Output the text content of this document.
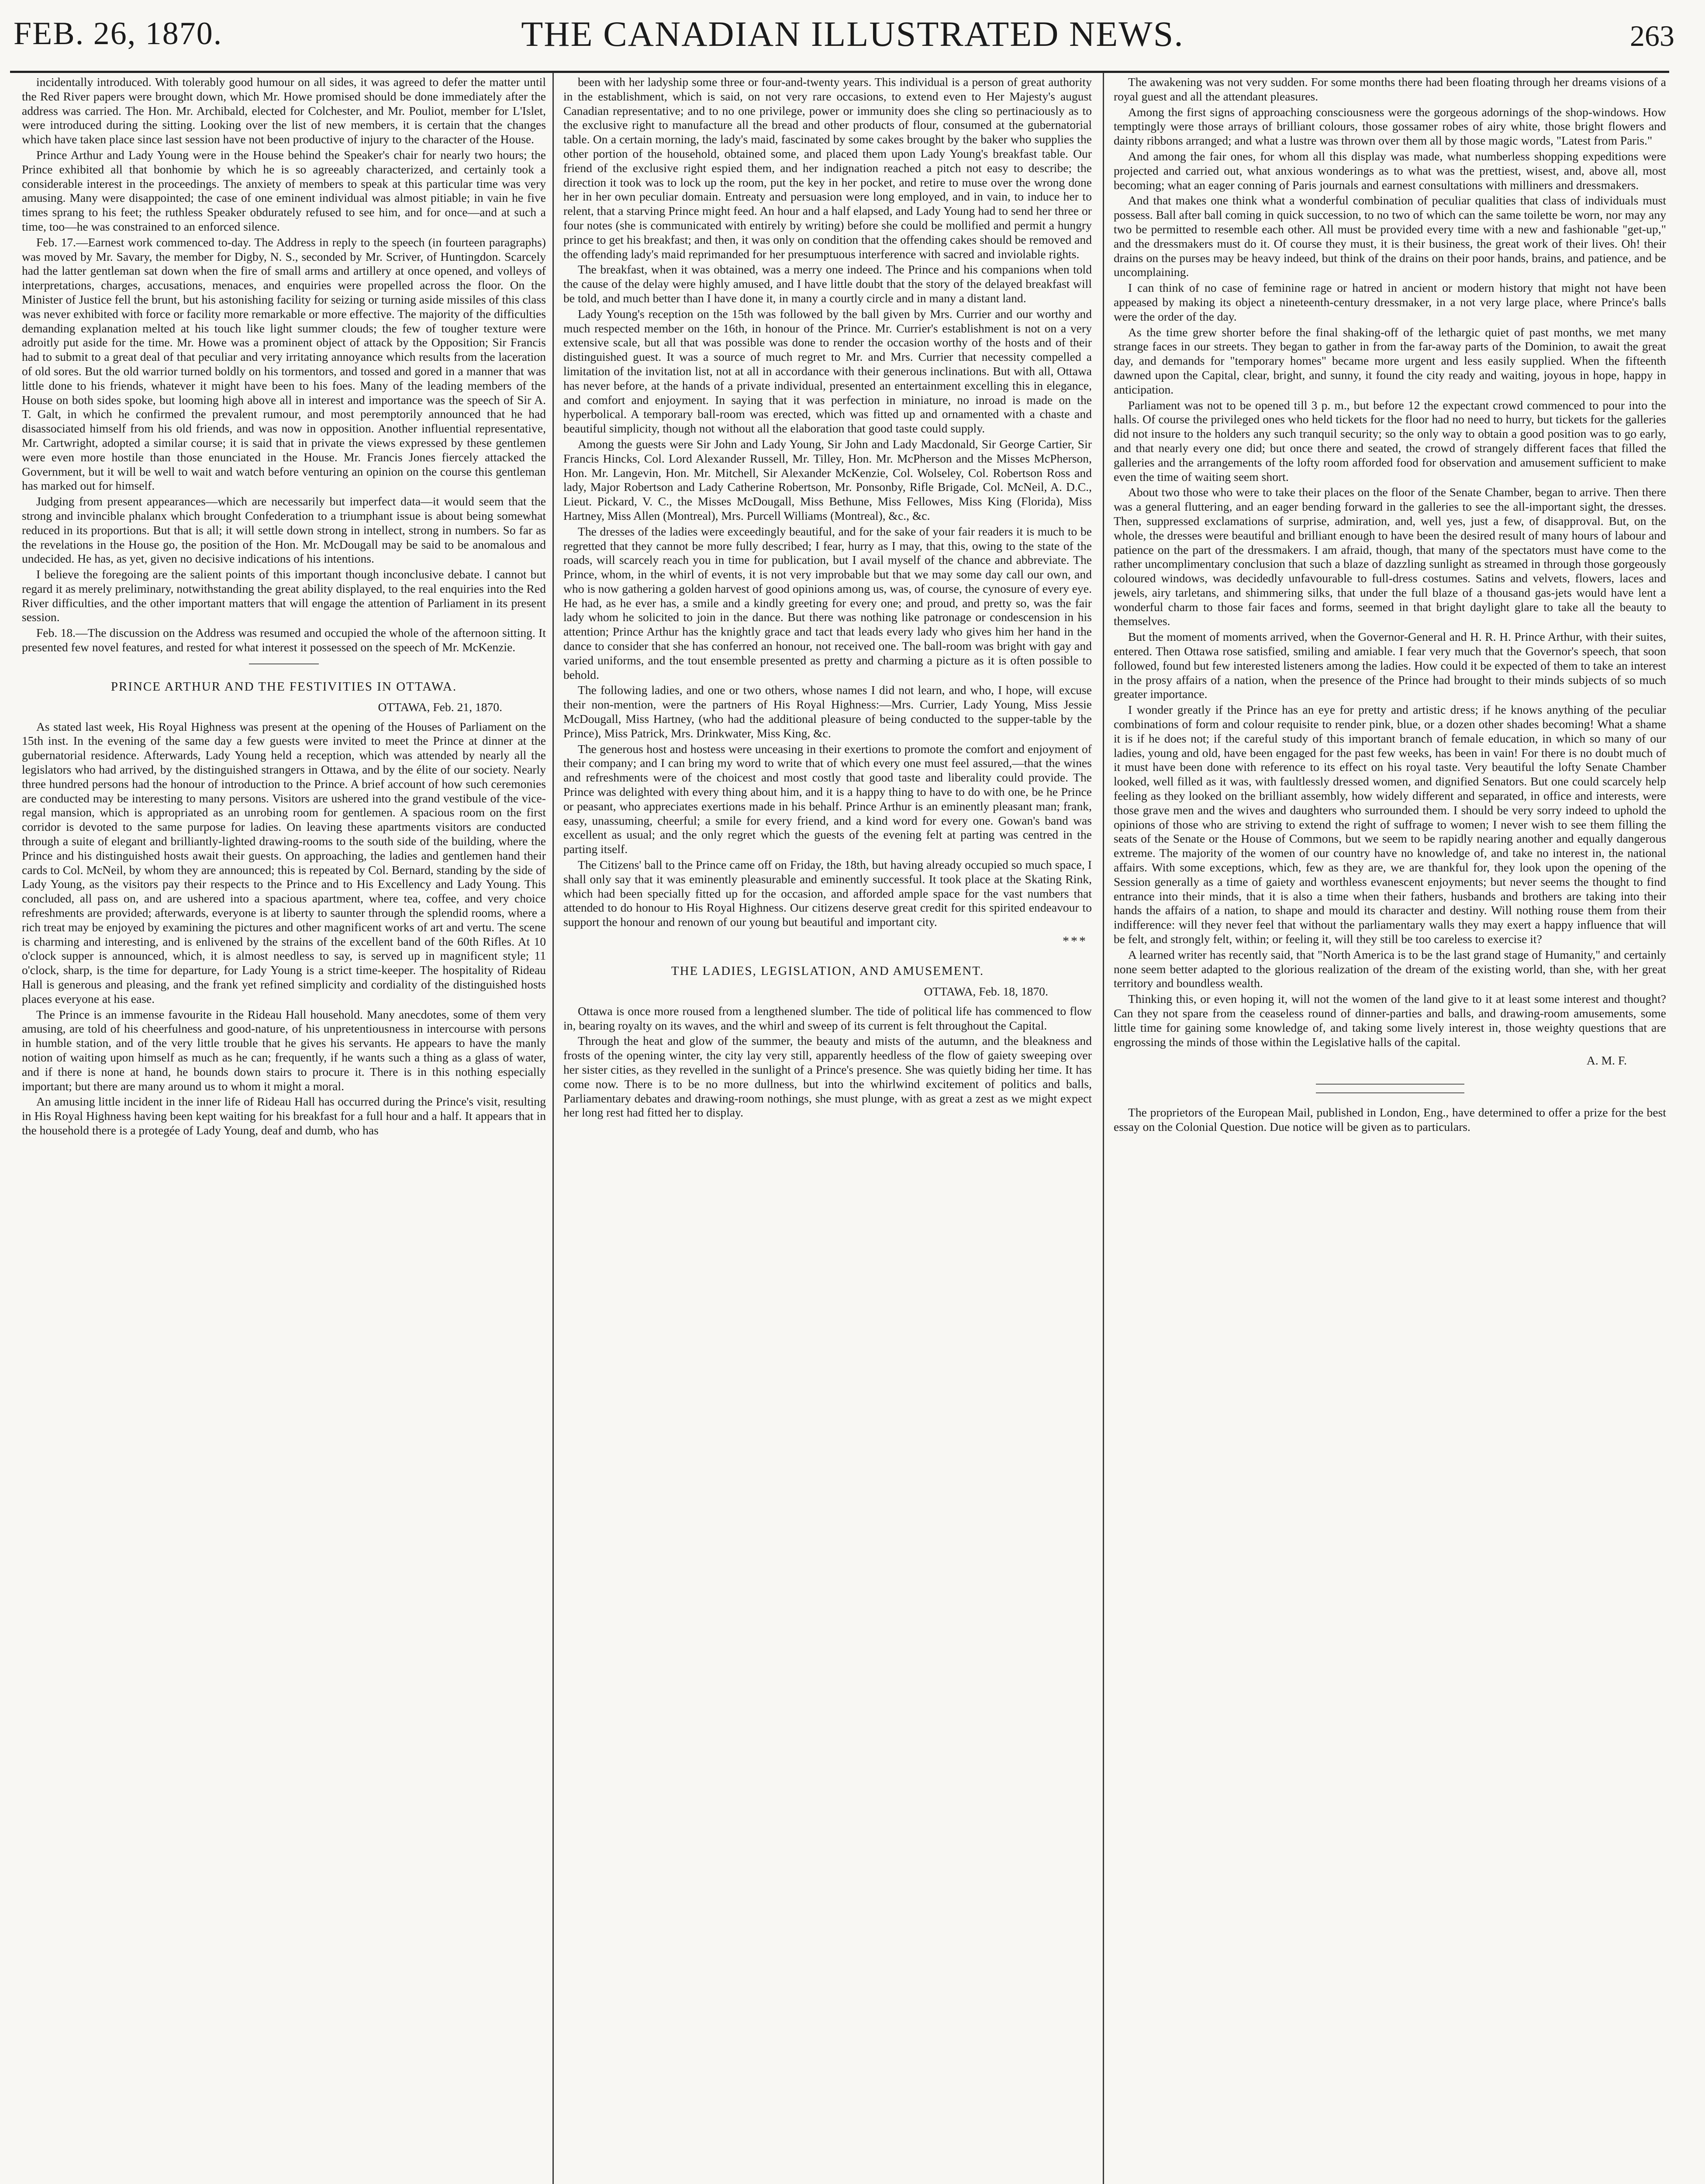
FEB. 26, 1870.	THE CANADIAN ILLUSTRATED NEWS.	263

incidentally introduced. With tolerably good humour on all sides, it was agreed to defer the matter until the Red River papers were brought down, which Mr. Howe promised should be done immediately after the address was carried. The Hon. Mr. Archibald, elected for Colchester, and Mr. Pouliot, member for L'Islet, were introduced during the sitting. Looking over the list of new members, it is certain that the changes which have taken place since last session have not been productive of injury to the character of the House.

Prince Arthur and Lady Young were in the House behind the Speaker's chair for nearly two hours; the Prince exhibited all that bonhomie by which he is so agreeably characterized, and certainly took a considerable interest in the proceedings. The anxiety of members to speak at this particular time was very amusing. Many were disappointed; the case of one eminent individual was almost pitiable; in vain he five times sprang to his feet; the ruthless Speaker obdurately refused to see him, and for once—and at such a time, too—he was constrained to an enforced silence.

Feb. 17.—Earnest work commenced to-day. The Address in reply to the speech (in fourteen paragraphs) was moved by Mr. Savary, the member for Digby, N. S., seconded by Mr. Scriver, of Huntingdon. Scarcely had the latter gentleman sat down when the fire of small arms and artillery at once opened, and volleys of interpretations, charges, accusations, menaces, and enquiries were propelled across the floor. On the Minister of Justice fell the brunt, but his astonishing facility for seizing or turning aside missiles of this class was never exhibited with force or facility more remarkable or more effective. The majority of the difficulties demanding explanation melted at his touch like light summer clouds; the few of tougher texture were adroitly put aside for the time. Mr. Howe was a prominent object of attack by the Opposition; Sir Francis had to submit to a great deal of that peculiar and very irritating annoyance which results from the laceration of old sores. But the old warrior turned boldly on his tormentors, and tossed and gored in a manner that was little done to his friends, whatever it might have been to his foes. Many of the leading members of the House on both sides spoke, but looming high above all in interest and importance was the speech of Sir A. T. Galt, in which he confirmed the prevalent rumour, and most peremptorily announced that he had disassociated himself from his old friends, and was now in opposition. Another influential representative, Mr. Cartwright, adopted a similar course; it is said that in private the views expressed by these gentlemen were even more hostile than those enunciated in the House. Mr. Francis Jones fiercely attacked the Government, but it will be well to wait and watch before venturing an opinion on the course this gentleman has marked out for himself.

Judging from present appearances—which are necessarily but imperfect data—it would seem that the strong and invincible phalanx which brought Confederation to a triumphant issue is about being somewhat reduced in its proportions. But that is all; it will settle down strong in intellect, strong in numbers. So far as the revelations in the House go, the position of the Hon. Mr. McDougall may be said to be anomalous and undecided. He has, as yet, given no decisive indications of his intentions.

I believe the foregoing are the salient points of this important though inconclusive debate. I cannot but regard it as merely preliminary, notwithstanding the great ability displayed, to the real enquiries into the Red River difficulties, and the other important matters that will engage the attention of Parliament in its present session.

Feb. 18.—The discussion on the Address was resumed and occupied the whole of the afternoon sitting. It presented few novel features, and rested for what interest it possessed on the speech of Mr. McKenzie.

PRINCE ARTHUR AND THE FESTIVITIES IN OTTAWA.

OTTAWA, Feb. 21, 1870.

As stated last week, His Royal Highness was present at the opening of the Houses of Parliament on the 15th inst. In the evening of the same day a few guests were invited to meet the Prince at dinner at the gubernatorial residence. Afterwards, Lady Young held a reception, which was attended by nearly all the legislators who had arrived, by the distinguished strangers in Ottawa, and by the élite of our society. Nearly three hundred persons had the honour of introduction to the Prince. A brief account of how such ceremonies are conducted may be interesting to many persons. Visitors are ushered into the grand vestibule of the vice-regal mansion, which is appropriated as an unrobing room for gentlemen. A spacious room on the first corridor is devoted to the same purpose for ladies. On leaving these apartments visitors are conducted through a suite of elegant and brilliantly-lighted drawing-rooms to the south side of the building, where the Prince and his distinguished hosts await their guests. On approaching, the ladies and gentlemen hand their cards to Col. McNeil, by whom they are announced; this is repeated by Col. Bernard, standing by the side of Lady Young, as the visitors pay their respects to the Prince and to His Excellency and Lady Young. This concluded, all pass on, and are ushered into a spacious apartment, where tea, coffee, and very choice refreshments are provided; afterwards, everyone is at liberty to saunter through the splendid rooms, where a rich treat may be enjoyed by examining the pictures and other magnificent works of art and vertu. The scene is charming and interesting, and is enlivened by the strains of the excellent band of the 60th Rifles. At 10 o'clock supper is announced, which, it is almost needless to say, is served up in magnificent style; 11 o'clock, sharp, is the time for departure, for Lady Young is a strict time-keeper. The hospitality of Rideau Hall is generous and pleasing, and the frank yet refined simplicity and cordiality of the distinguished hosts places everyone at his ease.

The Prince is an immense favourite in the Rideau Hall household. Many anecdotes, some of them very amusing, are told of his cheerfulness and good-nature, of his unpretentiousness in intercourse with persons in humble station, and of the very little trouble that he gives his servants. He appears to have the manly notion of waiting upon himself as much as he can; frequently, if he wants such a thing as a glass of water, and if there is none at hand, he bounds down stairs to procure it. There is in this nothing especially important; but there are many around us to whom it might a moral.

An amusing little incident in the inner life of Rideau Hall has occurred during the Prince's visit, resulting in His Royal Highness having been kept waiting for his breakfast for a full hour and a half. It appears that in the household there is a protegée of Lady Young, deaf and dumb, who has

been with her ladyship some three or four-and-twenty years. This individual is a person of great authority in the establishment, which is said, on not very rare occasions, to extend even to Her Majesty's august Canadian representative; and to no one privilege, power or immunity does she cling so pertinaciously as to the exclusive right to manufacture all the bread and other products of flour, consumed at the gubernatorial table. On a certain morning, the lady's maid, fascinated by some cakes brought by the baker who supplies the other portion of the household, obtained some, and placed them upon Lady Young's breakfast table. Our friend of the exclusive right espied them, and her indignation reached a pitch not easy to describe; the direction it took was to lock up the room, put the key in her pocket, and retire to muse over the wrong done her in her own peculiar domain. Entreaty and persuasion were long employed, and in vain, to induce her to relent, that a starving Prince might feed. An hour and a half elapsed, and Lady Young had to send her three or four notes (she is communicated with entirely by writing) before she could be mollified and permit a hungry prince to get his breakfast; and then, it was only on condition that the offending cakes should be removed and the offending lady's maid reprimanded for her presumptuous interference with sacred and inviolable rights.

The breakfast, when it was obtained, was a merry one indeed. The Prince and his companions when told the cause of the delay were highly amused, and I have little doubt that the story of the delayed breakfast will be told, and much better than I have done it, in many a courtly circle and in many a distant land.

Lady Young's reception on the 15th was followed by the ball given by Mrs. Currier and our worthy and much respected member on the 16th, in honour of the Prince. Mr. Currier's establishment is not on a very extensive scale, but all that was possible was done to render the occasion worthy of the hosts and of their distinguished guest. It was a source of much regret to Mr. and Mrs. Currier that necessity compelled a limitation of the invitation list, not at all in accordance with their generous inclinations. But with all, Ottawa has never before, at the hands of a private individual, presented an entertainment excelling this in elegance, and comfort and enjoyment. In saying that it was perfection in miniature, no inroad is made on the hyperbolical. A temporary ball-room was erected, which was fitted up and ornamented with a chaste and beautiful simplicity, though not without all the elaboration that good taste could supply.

Among the guests were Sir John and Lady Young, Sir John and Lady Macdonald, Sir George Cartier, Sir Francis Hincks, Col. Lord Alexander Russell, Mr. Tilley, Hon. Mr. McPherson and the Misses McPherson, Hon. Mr. Langevin, Hon. Mr. Mitchell, Sir Alexander McKenzie, Col. Wolseley, Col. Robertson Ross and lady, Major Robertson and Lady Catherine Robertson, Mr. Ponsonby, Rifle Brigade, Col. McNeil, A. D.C., Lieut. Pickard, V. C., the Misses McDougall, Miss Bethune, Miss Fellowes, Miss King (Florida), Miss Hartney, Miss Allen (Montreal), Mrs. Purcell Williams (Montreal), &c., &c.

The dresses of the ladies were exceedingly beautiful, and for the sake of your fair readers it is much to be regretted that they cannot be more fully described; I fear, hurry as I may, that this, owing to the state of the roads, will scarcely reach you in time for publication, but I avail myself of the chance and abbreviate. The Prince, whom, in the whirl of events, it is not very improbable but that we may some day call our own, and who is now gathering a golden harvest of good opinions among us, was, of course, the cynosure of every eye. He had, as he ever has, a smile and a kindly greeting for every one; and proud, and pretty so, was the fair lady whom he solicited to join in the dance. But there was nothing like patronage or condescension in his attention; Prince Arthur has the knightly grace and tact that leads every lady who gives him her hand in the dance to consider that she has conferred an honour, not received one. The ball-room was bright with gay and varied uniforms, and the tout ensemble presented as pretty and charming a picture as it is often possible to behold.

The following ladies, and one or two others, whose names I did not learn, and who, I hope, will excuse their non-mention, were the partners of His Royal Highness:—Mrs. Currier, Lady Young, Miss Jessie McDougall, Miss Hartney, (who had the additional pleasure of being conducted to the supper-table by the Prince), Miss Patrick, Mrs. Drinkwater, Miss King, &c.

The generous host and hostess were unceasing in their exertions to promote the comfort and enjoyment of their company; and I can bring my word to write that of which every one must feel assured,—that the wines and refreshments were of the choicest and most costly that good taste and liberality could provide. The Prince was delighted with every thing about him, and it is a happy thing to have to do with one, be he Prince or peasant, who appreciates exertions made in his behalf. Prince Arthur is an eminently pleasant man; frank, easy, unassuming, cheerful; a smile for every friend, and a kind word for every one. Gowan's band was excellent as usual; and the only regret which the guests of the evening felt at parting was centred in the parting itself.

The Citizens' ball to the Prince came off on Friday, the 18th, but having already occupied so much space, I shall only say that it was eminently pleasurable and eminently successful. It took place at the Skating Rink, which had been specially fitted up for the occasion, and afforded ample space for the vast numbers that attended to do honour to His Royal Highness. Our citizens deserve great credit for this spirited endeavour to support the honour and renown of our young but beautiful and important city.

***
THE LADIES, LEGISLATION, AND AMUSEMENT.

OTTAWA, Feb. 18, 1870.

Ottawa is once more roused from a lengthened slumber. The tide of political life has commenced to flow in, bearing royalty on its waves, and the whirl and sweep of its current is felt throughout the Capital.

Through the heat and glow of the summer, the beauty and mists of the autumn, and the bleakness and frosts of the opening winter, the city lay very still, apparently heedless of the flow of gaiety sweeping over her sister cities, as they revelled in the sunlight of a Prince's presence. She was quietly biding her time. It has come now. There is to be no more dullness, but into the whirlwind excitement of politics and balls, Parliamentary debates and drawing-room nothings, she must plunge, with as great a zest as we might expect her long rest had fitted her to display.

The awakening was not very sudden. For some months there had been floating through her dreams visions of a royal guest and all the attendant pleasures.

Among the first signs of approaching consciousness were the gorgeous adornings of the shop-windows. How temptingly were those arrays of brilliant colours, those gossamer robes of airy white, those bright flowers and dainty ribbons arranged; and what a lustre was thrown over them all by those magic words, "Latest from Paris."

And among the fair ones, for whom all this display was made, what numberless shopping expeditions were projected and carried out, what anxious wonderings as to what was the prettiest, wisest, and, above all, most becoming; what an eager conning of Paris journals and earnest consultations with milliners and dressmakers.

And that makes one think what a wonderful combination of peculiar qualities that class of individuals must possess. Ball after ball coming in quick succession, to no two of which can the same toilette be worn, nor may any two be permitted to resemble each other. All must be provided every time with a new and fashionable "get-up," and the dressmakers must do it. Of course they must, it is their business, the great work of their lives. Oh! their drains on the purses may be heavy indeed, but think of the drains on their poor hands, brains, and patience, and be uncomplaining.

I can think of no case of feminine rage or hatred in ancient or modern history that might not have been appeased by making its object a nineteenth-century dressmaker, in a not very large place, where Prince's balls were the order of the day.

As the time grew shorter before the final shaking-off of the lethargic quiet of past months, we met many strange faces in our streets. They began to gather in from the far-away parts of the Dominion, to await the great day, and demands for "temporary homes" became more urgent and less easily supplied. When the fifteenth dawned upon the Capital, clear, bright, and sunny, it found the city ready and waiting, joyous in hope, happy in anticipation.

Parliament was not to be opened till 3 p. m., but before 12 the expectant crowd commenced to pour into the halls. Of course the privileged ones who held tickets for the floor had no need to hurry, but tickets for the galleries did not insure to the holders any such tranquil security; so the only way to obtain a good position was to go early, and that nearly every one did; but once there and seated, the crowd of strangely different faces that filled the galleries and the arrangements of the lofty room afforded food for observation and amusement sufficient to make even the time of waiting seem short.

About two those who were to take their places on the floor of the Senate Chamber, began to arrive. Then there was a general fluttering, and an eager bending forward in the galleries to see the all-important sight, the dresses. Then, suppressed exclamations of surprise, admiration, and, well yes, just a few, of disapproval. But, on the whole, the dresses were beautiful and brilliant enough to have been the desired result of many hours of labour and patience on the part of the dressmakers. I am afraid, though, that many of the spectators must have come to the rather uncomplimentary conclusion that such a blaze of dazzling sunlight as streamed in through those gorgeously coloured windows, was decidedly unfavourable to full-dress costumes. Satins and velvets, flowers, laces and jewels, airy tarletans, and shimmering silks, that under the full blaze of a thousand gas-jets would have lent a wonderful charm to those fair faces and forms, seemed in that bright daylight glare to take all the beauty to themselves.

But the moment of moments arrived, when the Governor-General and H. R. H. Prince Arthur, with their suites, entered. Then Ottawa rose satisfied, smiling and amiable. I fear very much that the Governor's speech, that soon followed, found but few interested listeners among the ladies. How could it be expected of them to take an interest in the prosy affairs of a nation, when the presence of the Prince had brought to their minds subjects of so much greater importance.

I wonder greatly if the Prince has an eye for pretty and artistic dress; if he knows anything of the peculiar combinations of form and colour requisite to render pink, blue, or a dozen other shades becoming! What a shame it is if he does not; if the careful study of this important branch of female education, in which so many of our ladies, young and old, have been engaged for the past few weeks, has been in vain! For there is no doubt much of it must have been done with reference to its effect on his royal taste. Very beautiful the lofty Senate Chamber looked, well filled as it was, with faultlessly dressed women, and dignified Senators. But one could scarcely help feeling as they looked on the brilliant assembly, how widely different and separated, in office and interests, were those grave men and the wives and daughters who surrounded them. I should be very sorry indeed to uphold the opinions of those who are striving to extend the right of suffrage to women; I never wish to see them filling the seats of the Senate or the House of Commons, but we seem to be rapidly nearing another and equally dangerous extreme. The majority of the women of our country have no knowledge of, and take no interest in, the national affairs. With some exceptions, which, few as they are, we are thankful for, they look upon the opening of the Session generally as a time of gaiety and worthless evanescent enjoyments; but never seems the thought to find entrance into their minds, that it is also a time when their fathers, husbands and brothers are taking into their hands the affairs of a nation, to shape and mould its character and destiny. Will nothing rouse them from their indifference: will they never feel that without the parliamentary walls they may exert a happy influence that will be felt, and strongly felt, within; or feeling it, will they still be too careless to exercise it?

A learned writer has recently said, that "North America is to be the last grand stage of Humanity," and certainly none seem better adapted to the glorious realization of the dream of the existing world, than she, with her great territory and boundless wealth.

Thinking this, or even hoping it, will not the women of the land give to it at least some interest and thought? Can they not spare from the ceaseless round of dinner-parties and balls, and drawing-room amusements, some little time for gaining some knowledge of, and taking some lively interest in, those weighty questions that are engrossing the minds of those within the Legislative halls of the capital.

A. M. F.

The proprietors of the European Mail, published in London, Eng., have determined to offer a prize for the best essay on the Colonial Question. Due notice will be given as to particulars.
